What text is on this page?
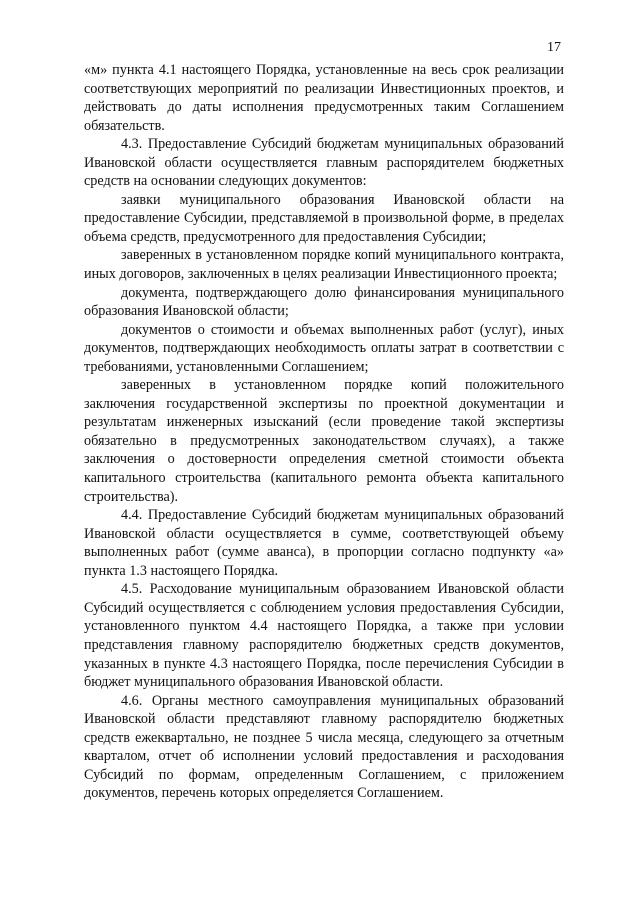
17

«м» пункта 4.1 настоящего Порядка, установленные на весь срок реализации соответствующих мероприятий по реализации Инвестиционных проектов, и действовать до даты исполнения предусмотренных таким Соглашением обязательств.

4.3. Предоставление Субсидий бюджетам муниципальных образований Ивановской области осуществляется главным распорядителем бюджетных средств на основании следующих документов:

заявки муниципального образования Ивановской области на предоставление Субсидии, представляемой в произвольной форме, в пределах объема средств, предусмотренного для предоставления Субсидии;

заверенных в установленном порядке копий муниципального контракта, иных договоров, заключенных в целях реализации Инвестиционного проекта;

документа, подтверждающего долю финансирования муниципального образования Ивановской области;

документов о стоимости и объемах выполненных работ (услуг), иных документов, подтверждающих необходимость оплаты затрат в соответствии с требованиями, установленными Соглашением;

заверенных в установленном порядке копий положительного заключения государственной экспертизы по проектной документации и результатам инженерных изысканий (если проведение такой экспертизы обязательно в предусмотренных законодательством случаях), а также заключения о достоверности определения сметной стоимости объекта капитального строительства (капитального ремонта объекта капитального строительства).

4.4. Предоставление Субсидий бюджетам муниципальных образований Ивановской области осуществляется в сумме, соответствующей объему выполненных работ (сумме аванса), в пропорции согласно подпункту «а» пункта 1.3 настоящего Порядка.

4.5. Расходование муниципальным образованием Ивановской области Субсидий осуществляется с соблюдением условия предоставления Субсидии, установленного пунктом 4.4 настоящего Порядка, а также при условии представления главному распорядителю бюджетных средств документов, указанных в пункте 4.3 настоящего Порядка, после перечисления Субсидии в бюджет муниципального образования Ивановской области.

4.6. Органы местного самоуправления муниципальных образований Ивановской области представляют главному распорядителю бюджетных средств ежеквартально, не позднее 5 числа месяца, следующего за отчетным кварталом, отчет об исполнении условий предоставления и расходования Субсидий по формам, определенным Соглашением, с приложением документов, перечень которых определяется Соглашением.
